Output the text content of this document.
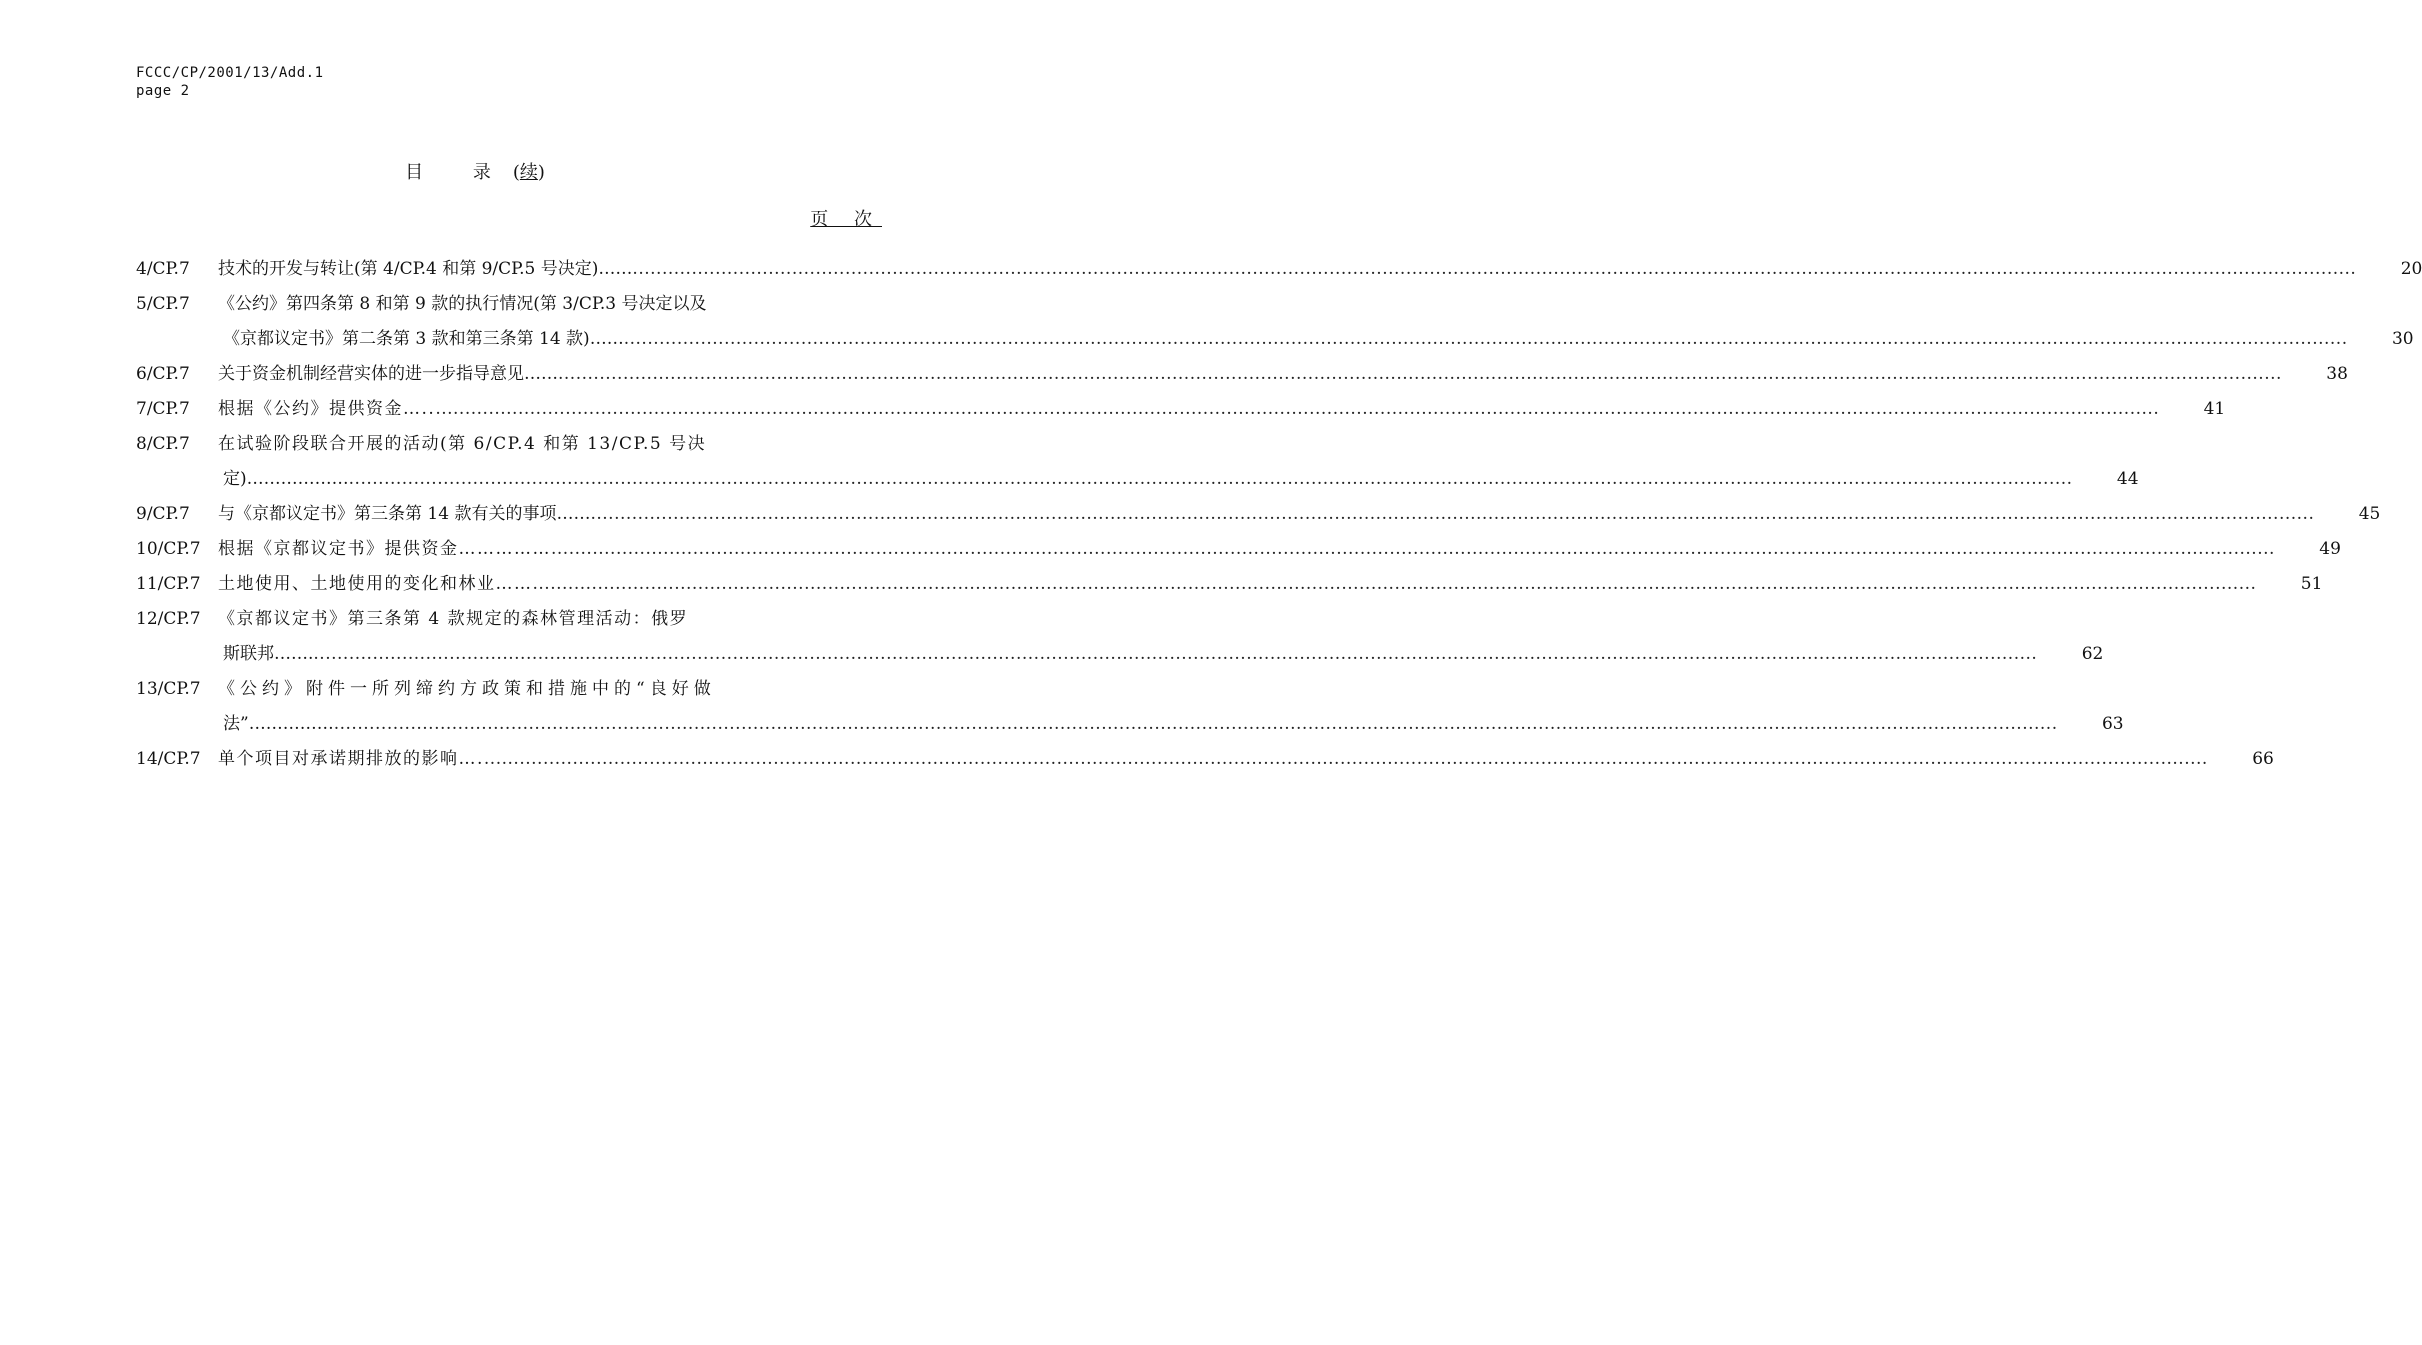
FCCC/CP/2001/13/Add.1
page 2
目 录(续)
页 次
4/CP.7	技术的开发与转让(第 4/CP.4 和第 9/CP.5 号决定)…… .....	20
5/CP.7	《公约》第四条第 8 和第 9 款的执行情况(第 3/CP.3 号决定以及
《京都议定书》第二条第 3 款和第三条第 14 款)…… .....	30
6/CP.7	关于资金机制经营实体的进一步指导意见…… .....	38
7/CP.7	根据《公约》提供资金….. .....	41
8/CP.7	在试验阶段联合开展的活动(第 6/CP.4 和第 13/CP.5 号决
定)……………… .....	44
9/CP.7	与《京都议定书》第三条第 14 款有关的事项…… .....	45
10/CP.7	根据《京都议定书》提供资金…………… .....	49
11/CP.7	土地使用、土地使用的变化和林业…… .....	51
12/CP.7	《京都议定书》第三条第 4 款规定的森林管理活动：俄罗
斯联邦……. .....	62
13/CP.7	《公约》附件一所列缔约方政策和措施中的“良好做
法”…………… .....	63
14/CP.7	单个项目对承诺期排放的影响…. .....	66
